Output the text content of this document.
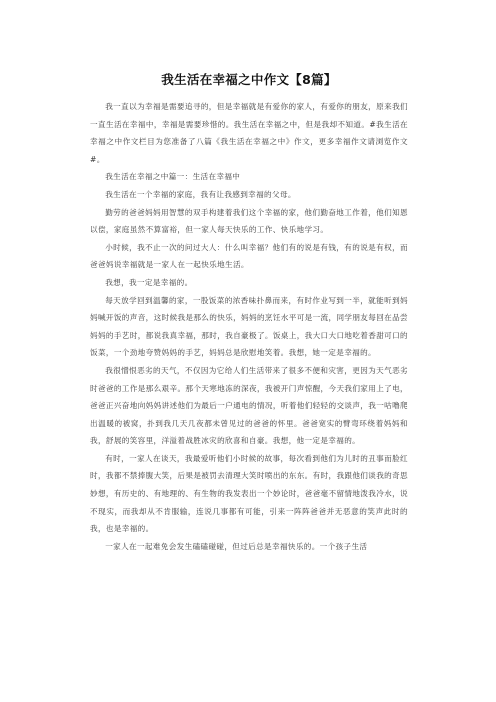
我生活在幸福之中作文【8篇】

我一直以为幸福是需要追寻的，但是幸福就是有爱你的家人，有爱你的朋友，原来我们一直生活在幸福中，幸福是需要珍惜的。我生活在幸福之中，但是我却不知道。#我生活在幸福之中作文栏目为您准备了八篇《我生活在幸福之中》作文，更多幸福作文请浏览作文#。

我生活在幸福之中篇一：生活在幸福中

我生活在一个幸福的家庭，我有让我感到幸福的父母。

勤劳的爸爸妈妈用智慧的双手构建着我们这个幸福的家，他们勤奋地工作着，他们知恩以偿，家庭虽然不算富裕，但一家人每天快乐的工作、快乐地学习。

小时候，我不止一次的问过大人：什么叫幸福？他们有的说是有钱，有的说是有权，而爸爸妈说幸福就是一家人在一起快乐地生活。

我想，我一定是幸福的。

每天放学回到温馨的家，一股饭菜的浓香味扑鼻而来，有时作业写到一半，就能听到妈妈喊开饭的声音，这时候我是那么的快乐，妈妈的烹饪水平可是一流，同学朋友每回在品尝妈妈的手艺时，都说我真幸福，那时，我自豪极了。饭桌上，我大口大口地吃着香甜可口的饭菜，一个劲地夸赞妈妈的手艺，妈妈总是欣慰地笑着。我想，她一定是幸福的。

我很憎恨恶劣的天气，不仅因为它给人们生活带来了很多不便和灾害，更因为天气恶劣时爸爸的工作是那么艰辛。那个天寒地冻的深夜，我被开门声惊醒，今天我们家用上了电，爸爸正兴奋地向妈妈讲述他们为最后一户通电的情况，听着他们轻轻的交谈声，我一咕噜爬出温暖的被窝，扑到我几天几夜都未曾见过的爸爸的怀里。爸爸宽实的臂弯环绕着妈妈和我，舒展的笑容里，洋溢着战胜冰灾的欣喜和自豪。我想，他一定是幸福的。

有时，一家人在谈天，我最爱听他们小时候的故事，每次看到他们为儿时的丑事而脸红时，我都不禁捧腹大笑，后果是被罚去清理大笑时喷出的东东。有时，我跟他们谈我的奇思妙想，有历史的、有地理的、有生物的我发表出一个妙论时，爸爸毫不留情地泼我冷水，说不现实，而我却从不肯服输，连说几事都有可能，引来一阵阵爸爸并无恶意的笑声此时的我，也是幸福的。

一家人在一起难免会发生磕磕碰碰，但过后总是幸福快乐的。一个孩子生活
